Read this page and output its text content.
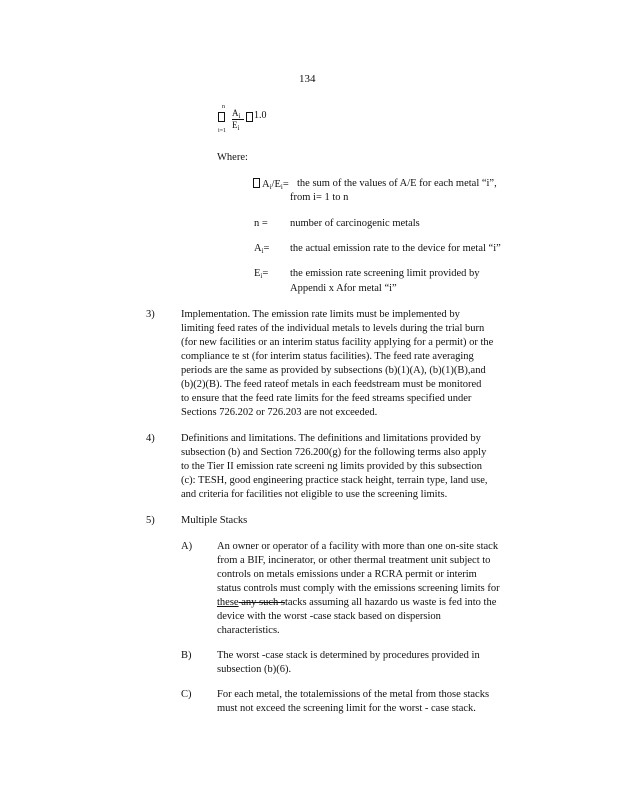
134
n
i=1
$A_i$
$E_i$
1.0
Where:
$A_i/E_i=$ the sum of the values of A/E for each metal “i”,
from i= 1 to n
n = number of carcinogenic metals
$A_i=$ the actual emission rate to the device for metal “i”
$E_i=$ the emission rate screening limit provided by
Appendi x Afor metal “i”
3)	Implementation. The emission rate limits must be implemented by
limiting feed rates of the individual metals to levels during the trial burn
(for new facilities or an interim status facility applying for a permit) or the
compliance te st (for interim status facilities). The feed rate averaging
periods are the same as provided by subsections (b)(1)(A), (b)(1)(B),and
(b)(2)(B). The feed rateof metals in each feedstream must be monitored
to ensure that the feed rate limits for the feed streams specified under
Sections 726.202 or 726.203 are not exceeded.
4)	Definitions and limitations. The definitions and limitations provided by
subsection (b) and Section 726.200(g) for the following terms also apply
to the Tier II emission rate screeni ng limits provided by this subsection
(c): TESH, good engineering practice stack height, terrain type, land use,
and criteria for facilities not eligible to use the screening limits.
5)	Multiple Stacks
A) An owner or operator of a facility with more than one on-site stack
from a BIF, incinerator, or other thermal treatment unit subject to
controls on metals emissions under a RCRA permit or interim
status controls must comply with the emissions screening limits for
these any such stacks assuming all hazardo us waste is fed into the
device with the worst -case stack based on dispersion
characteristics.
B) The worst -case stack is determined by procedures provided in
subsection (b)(6).
C) For each metal, the totalemissions of the metal from those stacks
must not exceed the screening limit for the worst - case stack.
